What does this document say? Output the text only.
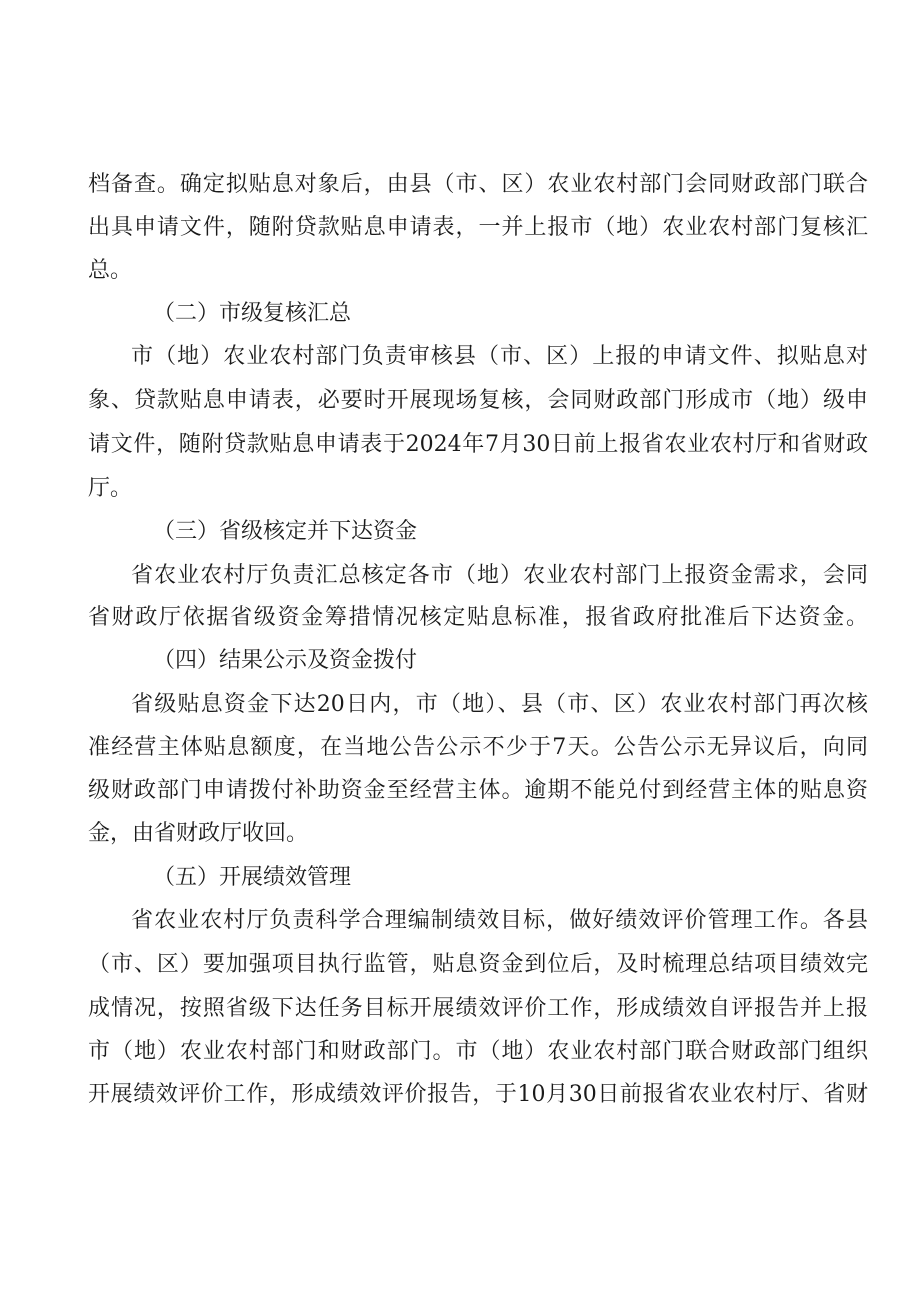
档备查。确定拟贴息对象后，由县（市、区）农业农村部门会同财政部门联合
出具申请文件，随附贷款贴息申请表，一并上报市（地）农业农村部门复核汇
总。
（二）市级复核汇总
市（地）农业农村部门负责审核县（市、区）上报的申请文件、拟贴息对
象、贷款贴息申请表，必要时开展现场复核，会同财政部门形成市（地）级申
请文件，随附贷款贴息申请表于2024年7月30日前上报省农业农村厅和省财政
厅。
（三）省级核定并下达资金
省农业农村厅负责汇总核定各市（地）农业农村部门上报资金需求，会同
省财政厅依据省级资金筹措情况核定贴息标准，报省政府批准后下达资金。
（四）结果公示及资金拨付
省级贴息资金下达20日内，市（地）、县（市、区）农业农村部门再次核
准经营主体贴息额度，在当地公告公示不少于7天。公告公示无异议后，向同
级财政部门申请拨付补助资金至经营主体。逾期不能兑付到经营主体的贴息资
金，由省财政厅收回。
（五）开展绩效管理
省农业农村厅负责科学合理编制绩效目标，做好绩效评价管理工作。各县
（市、区）要加强项目执行监管，贴息资金到位后，及时梳理总结项目绩效完
成情况，按照省级下达任务目标开展绩效评价工作，形成绩效自评报告并上报
市（地）农业农村部门和财政部门。市（地）农业农村部门联合财政部门组织
开展绩效评价工作，形成绩效评价报告，于10月30日前报省农业农村厅、省财
